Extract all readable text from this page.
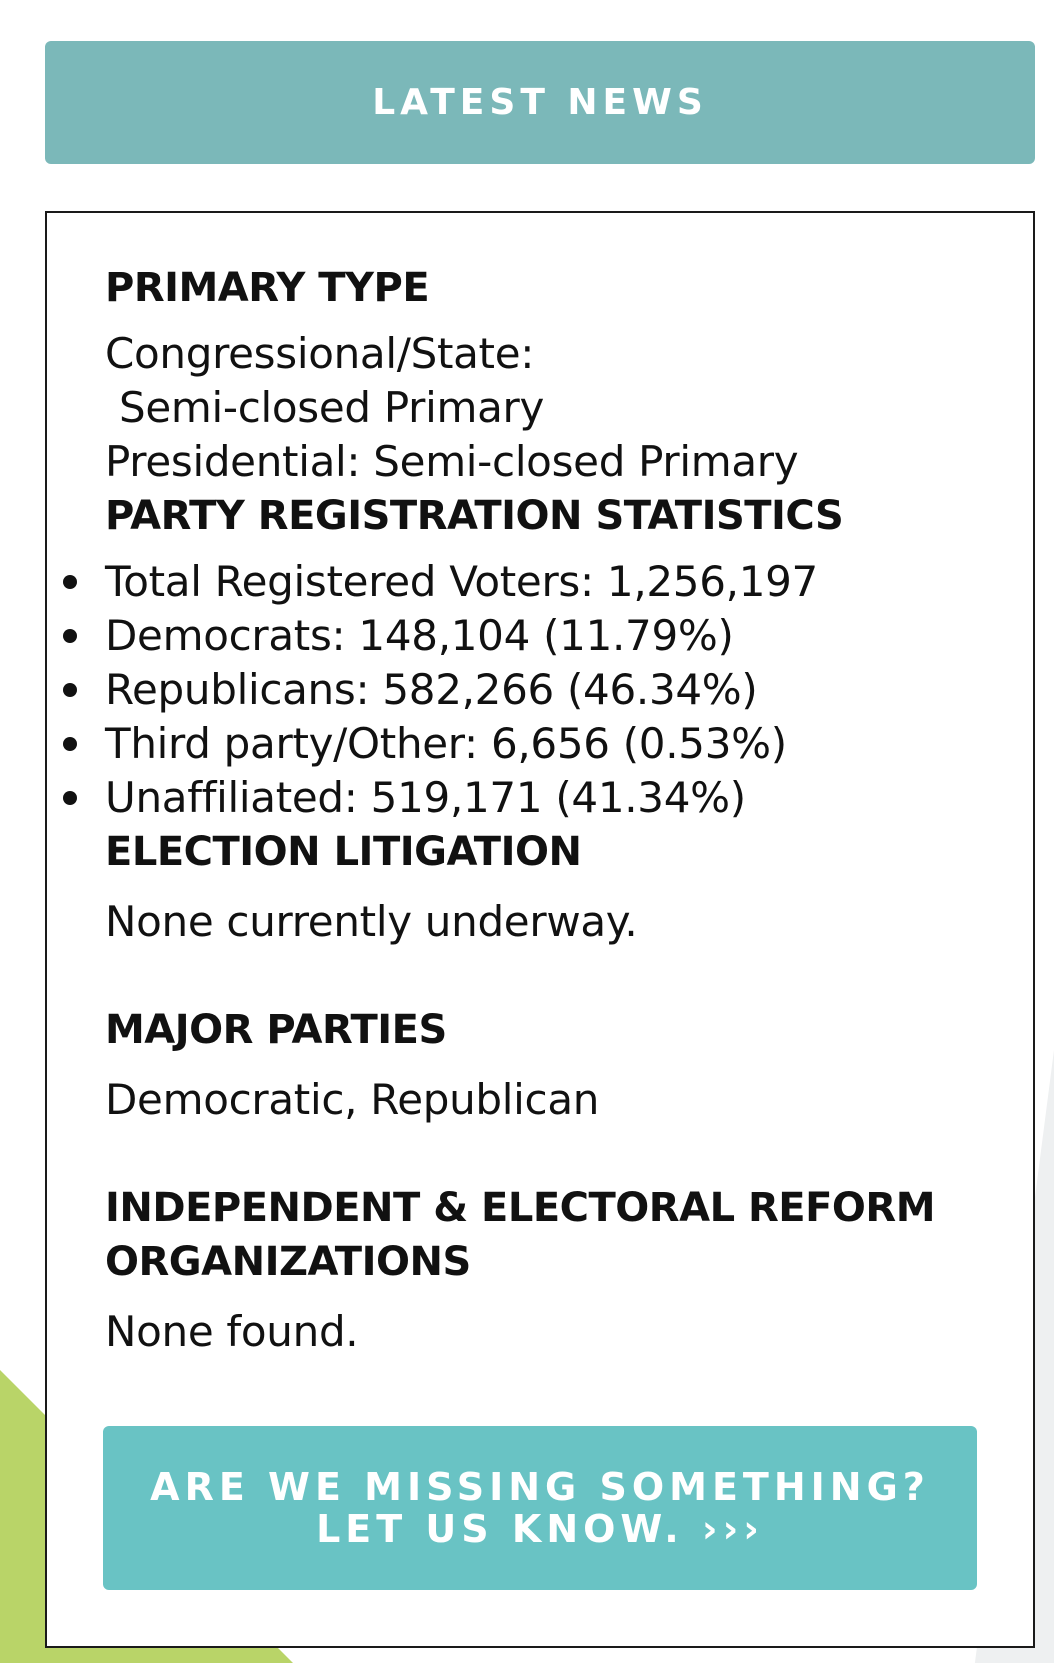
LATEST NEWS
PRIMARY TYPE
Congressional/State:
Semi-closed Primary
Presidential: Semi-closed Primary
PARTY REGISTRATION STATISTICS
Total Registered Voters: 1,256,197
Democrats: 148,104 (11.79%)
Republicans: 582,266 (46.34%)
Third party/Other: 6,656 (0.53%)
Unaffiliated: 519,171 (41.34%)
ELECTION LITIGATION
None currently underway.
MAJOR PARTIES
Democratic, Republican
INDEPENDENT & ELECTORAL REFORM
ORGANIZATIONS
None found.
ARE WE MISSING SOMETHING?
LET US KNOW. ›››
